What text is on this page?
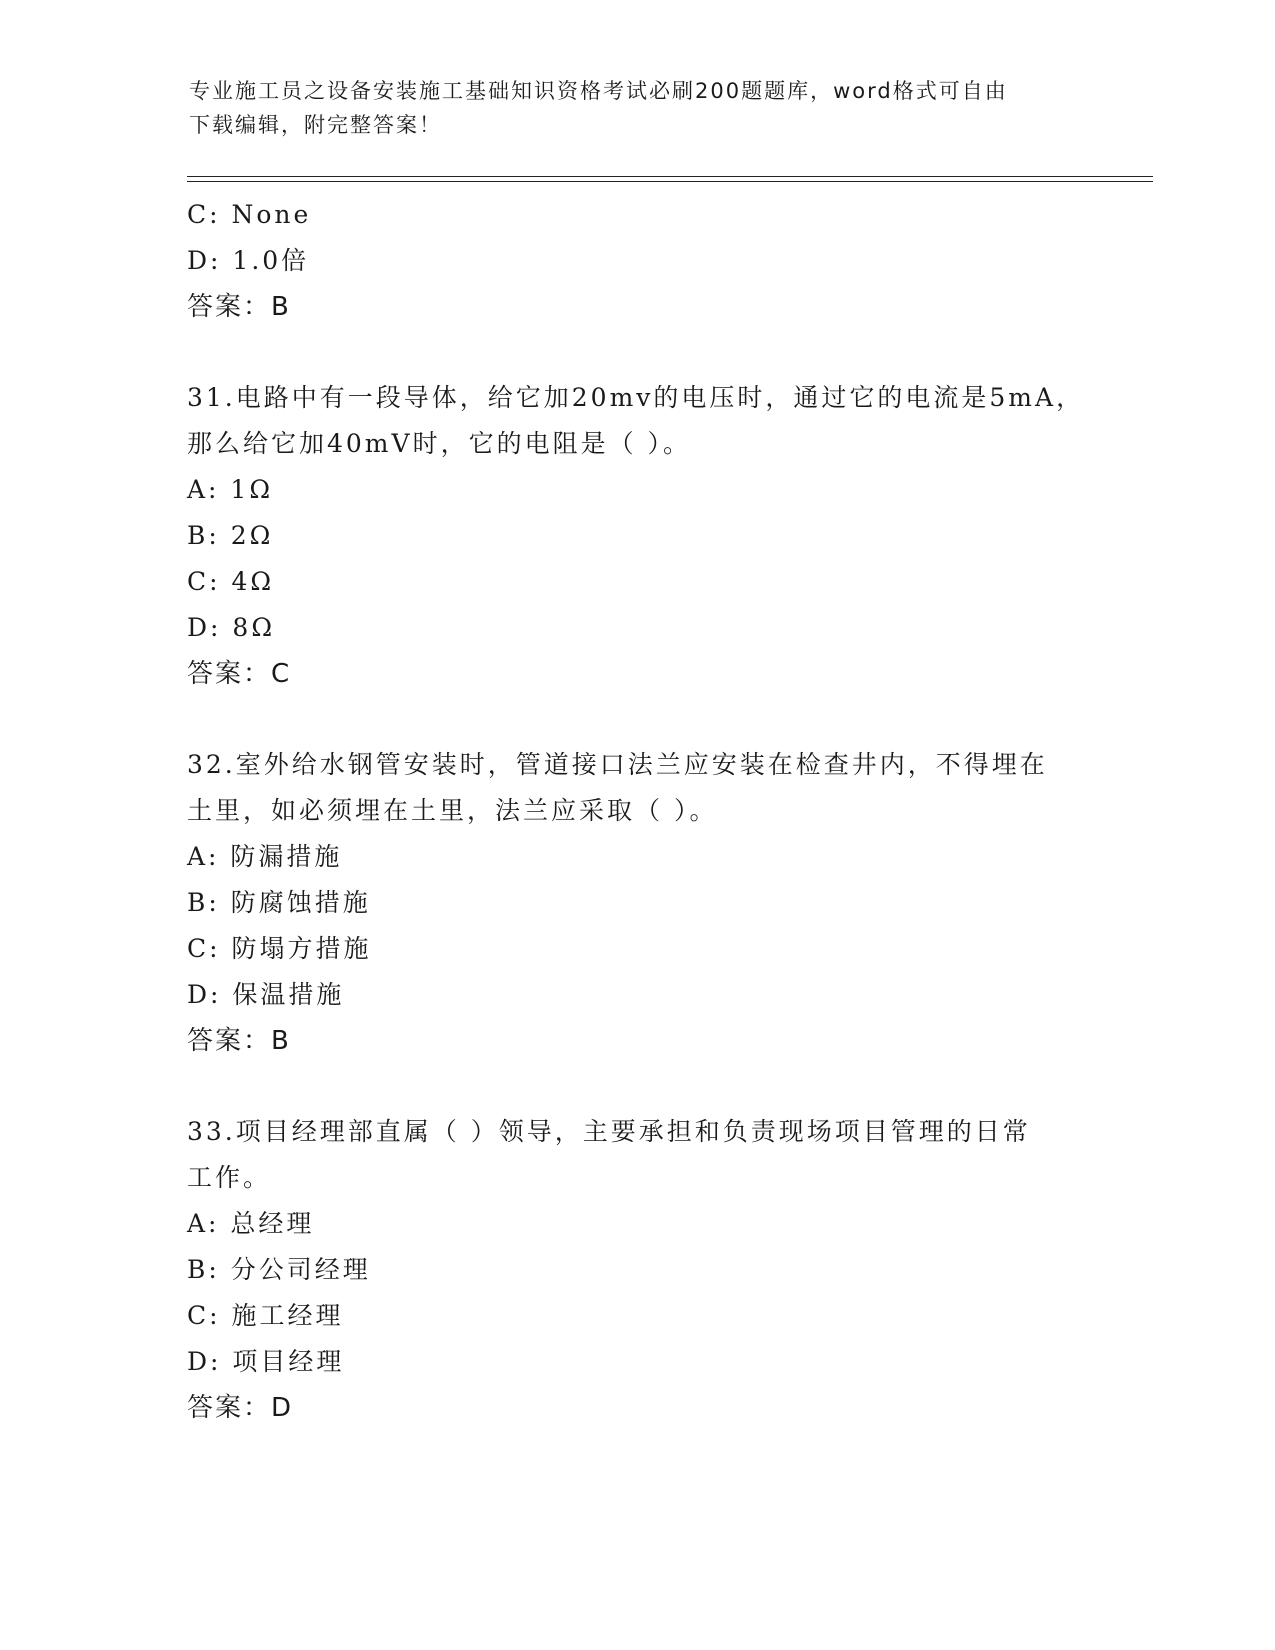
专业施工员之设备安装施工基础知识资格考试必刷200题题库，word格式可自由
下载编辑，附完整答案！
C: None
D: 1.0倍
答案：B
31.电路中有一段导体，给它加20mv的电压时，通过它的电流是5mA，
那么给它加40mV时，它的电阻是（ ）。
A: 1Ω
B: 2Ω
C: 4Ω
D: 8Ω
答案：C
32.室外给水钢管安装时，管道接口法兰应安装在检查井内，不得埋在
土里，如必须埋在土里，法兰应采取（ ）。
A: 防漏措施
B: 防腐蚀措施
C: 防塌方措施
D: 保温措施
答案：B
33.项目经理部直属（ ）领导，主要承担和负责现场项目管理的日常
工作。
A: 总经理
B: 分公司经理
C: 施工经理
D: 项目经理
答案：D
